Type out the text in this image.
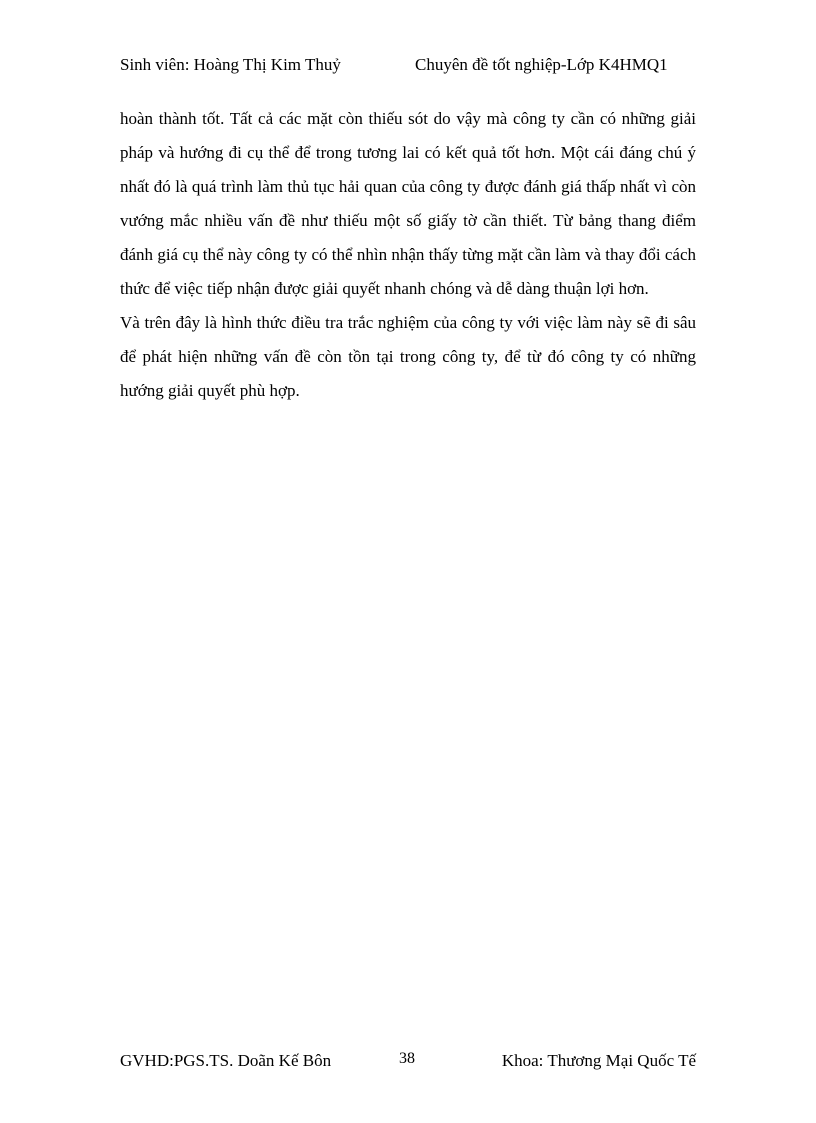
Sinh viên: Hoàng Thị Kim Thuỷ	Chuyên đề tốt nghiệp-Lớp K4HMQ1

hoàn thành tốt. Tất cả các mặt còn thiếu sót do vậy mà công ty cần có những giải pháp và hướng đi cụ thể để trong tương lai có kết quả tốt hơn. Một cái đáng chú ý nhất đó là quá trình làm thủ tục hải quan của công ty được đánh giá thấp nhất vì còn vướng mắc nhiều vấn đề như thiếu một số giấy tờ cần thiết. Từ bảng thang điểm đánh giá cụ thể này công ty có thể nhìn nhận thấy từng mặt cần làm và thay đổi cách thức để việc tiếp nhận được giải quyết nhanh chóng và dễ dàng thuận lợi hơn.

Và trên đây là hình thức điều tra trắc nghiệm của công ty với việc làm này sẽ đi sâu để phát hiện những vấn đề còn tồn tại trong công ty, để từ đó công ty có những hướng giải quyết phù hợp.

GVHD:PGS.TS. Doãn Kế Bôn	38	Khoa: Thương Mại Quốc Tế
